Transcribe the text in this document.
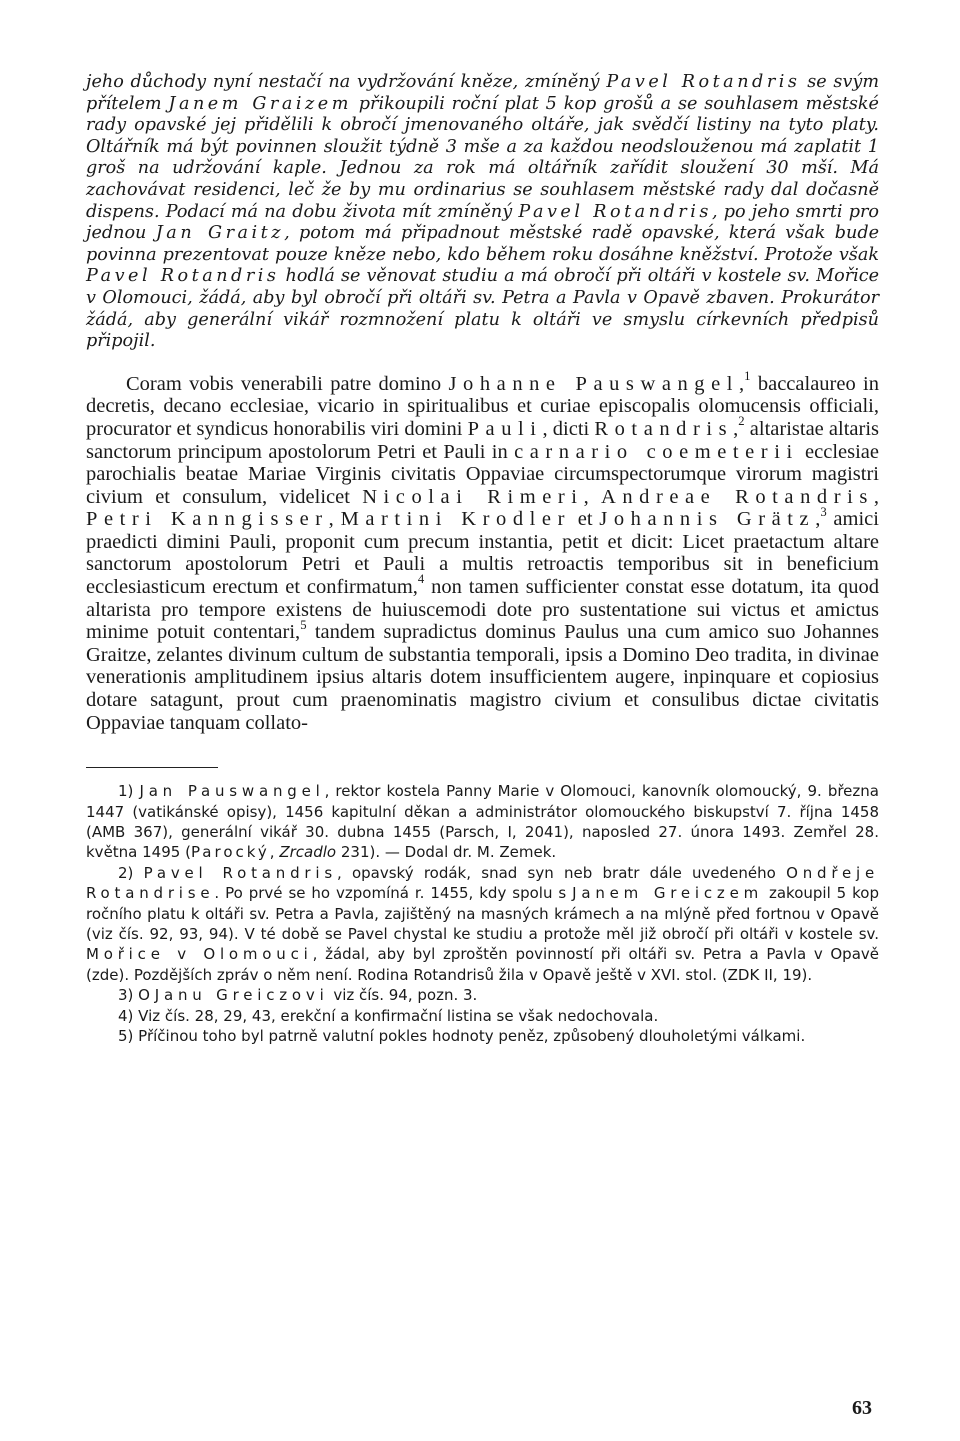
jeho důchody nyní nestačí na vydržování kněze, zmíněný Pavel Rotandris se svým přítelem Janem Graizem přikoupili roční plat 5 kop grošů a se souhlasem městské rady opavské jej přidělili k obročí jmenovaného oltáře, jak svědčí listiny na tyto platy. Oltářník má být povinnen sloužit týdně 3 mše a za každou neodslouženou má zaplatit 1 groš na udržování kaple. Jednou za rok má oltářník zařídit sloužení 30 mší. Má zachovávat residenci, leč že by mu ordinarius se souhlasem městské rady dal dočasně dispens. Podací má na dobu života mít zmíněný Pavel Rotandris, po jeho smrti pro jednou Jan Graitz, potom má připadnout městské radě opavské, která však bude povinna prezentovat pouze kněze nebo, kdo během roku dosáhne kněžství. Protože však Pavel Rotandris hodlá se věnovat studiu a má obročí při oltáři v kostele sv. Mořice v Olomouci, žádá, aby byl obročí při oltáři sv. Petra a Pavla v Opavě zbaven. Prokurátor žádá, aby generální vikář rozmnožení platu k oltáři ve smyslu církevních předpisů připojil.

Coram vobis venerabili patre domino Johanne Pauswangel,$^1$ baccalaureo in decretis, decano ecclesiae, vicario in spiritualibus et curiae episcopalis olomucensis officiali, procurator et syndicus honorabilis viri domini Pauli, dicti Rotandris,$^2$ altaristae altaris sanctorum principum apostolorum Petri et Pauli in carnario coemeterii ecclesiae parochialis beatae Mariae Virginis civitatis Oppaviae circumspectorumque virorum magistri civium et consulum, videlicet Nicolai Rimeri, Andreae Rotandris, Petri Kanngisser, Martini Krodler et Johannis Grätz,$^3$ amici praedicti dimini Pauli, proponit cum precum instantia, petit et dicit: Licet praetactum altare sanctorum apostolorum Petri et Pauli a multis retroactis temporibus sit in beneficium ecclesiasticum erectum et confirmatum,$^4$ non tamen sufficienter constat esse dotatum, ita quod altarista pro tempore existens de huiuscemodi dote pro sustentatione sui victus et amictus minime potuit contentari,$^5$ tandem supradictus dominus Paulus una cum amico suo Johannes Graitze, zelantes divinum cultum de substantia temporali, ipsis a Domino Deo tradita, in divinae venerationis amplitudinem ipsius altaris dotem insufficientem augere, inpinquare et copiosius dotare satagunt, prout cum praenominatis magistro civium et consulibus dictae civitatis Oppaviae tanquam collato-

1) Jan Pauswangel, rektor kostela Panny Marie v Olomouci, kanovník olomoucký, 9. března 1447 (vatikánské opisy), 1456 kapitulní děkan a administrátor olomouckého biskupství 7. října 1458 (AMB 367), generální vikář 30. dubna 1455 (Parsch, I, 2041), naposled 27. února 1493. Zemřel 28. května 1495 (Parocký, Zrcadlo 231). — Dodal dr. M. Zemek.

2) Pavel Rotandris, opavský rodák, snad syn neb bratr dále uvedeného Ondřeje Rotandrise. Po prvé se ho vzpomíná r. 1455, kdy spolu s Janem Greiczem zakoupil 5 kop ročního platu k oltáři sv. Petra a Pavla, zajištěný na masných krámech a na mlýně před fortnou v Opavě (viz čís. 92, 93, 94). V té době se Pavel chystal ke studiu a protože měl již obročí při oltáři v kostele sv. Mořice v Olomouci, žádal, aby byl zproštěn povinností při oltáři sv. Petra a Pavla v Opavě (zde). Pozdějších zpráv o něm není. Rodina Rotandrisů žila v Opavě ještě v XVI. stol. (ZDK II, 19).

3) O Janu Greiczovi viz čís. 94, pozn. 3.

4) Viz čís. 28, 29, 43, erekční a konfirmační listina se však nedochovala.

5) Příčinou toho byl patrně valutní pokles hodnoty peněz, způsobený dlouholetými válkami.

63
